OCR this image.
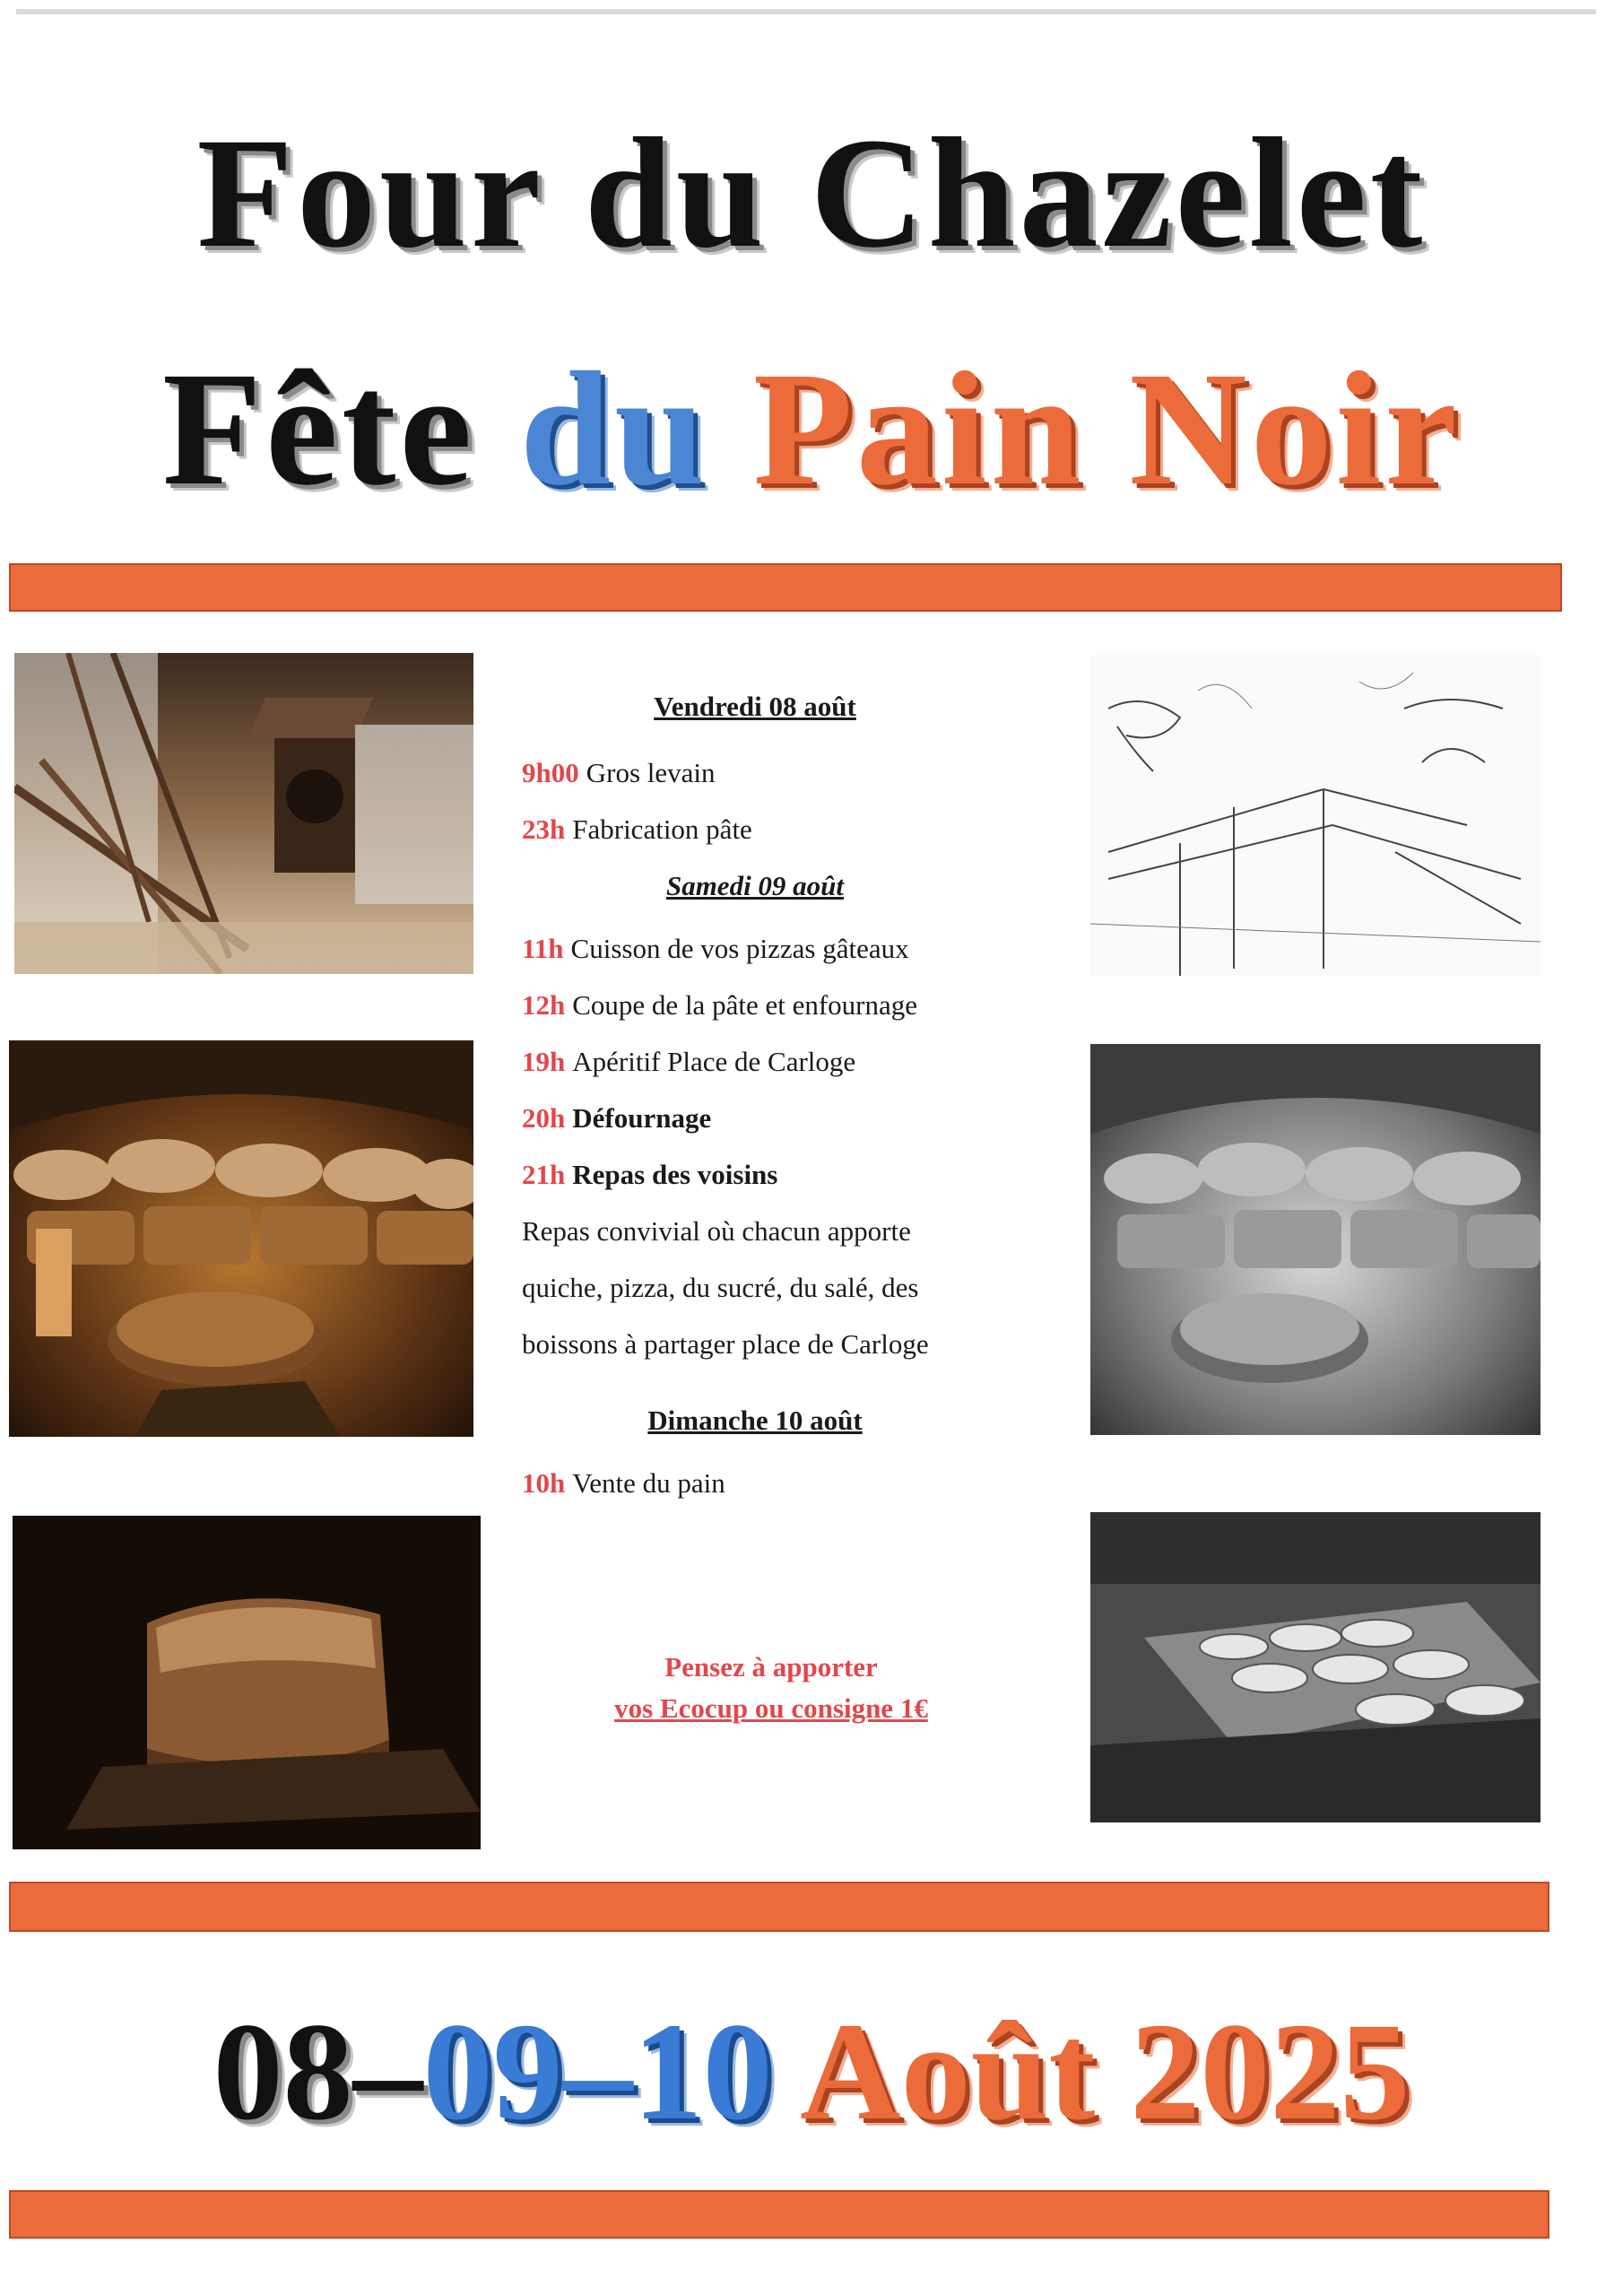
Four du Chazelet
Fête du Pain Noir
Vendredi 08 août
9h00 Gros levain
23h Fabrication pâte
Samedi 09 août
11h Cuisson de vos pizzas gâteaux
12h Coupe de la pâte et enfournage
19h Apéritif Place de Carloge
20h Défournage
21h Repas des voisins
Repas convivial où chacun apporte
quiche, pizza, du sucré, du salé, des
boissons à partager place de Carloge
Dimanche 10 août
10h Vente du pain
Pensez à apporter
vos Ecocup ou consigne 1€
08–09–10 Août 2025
